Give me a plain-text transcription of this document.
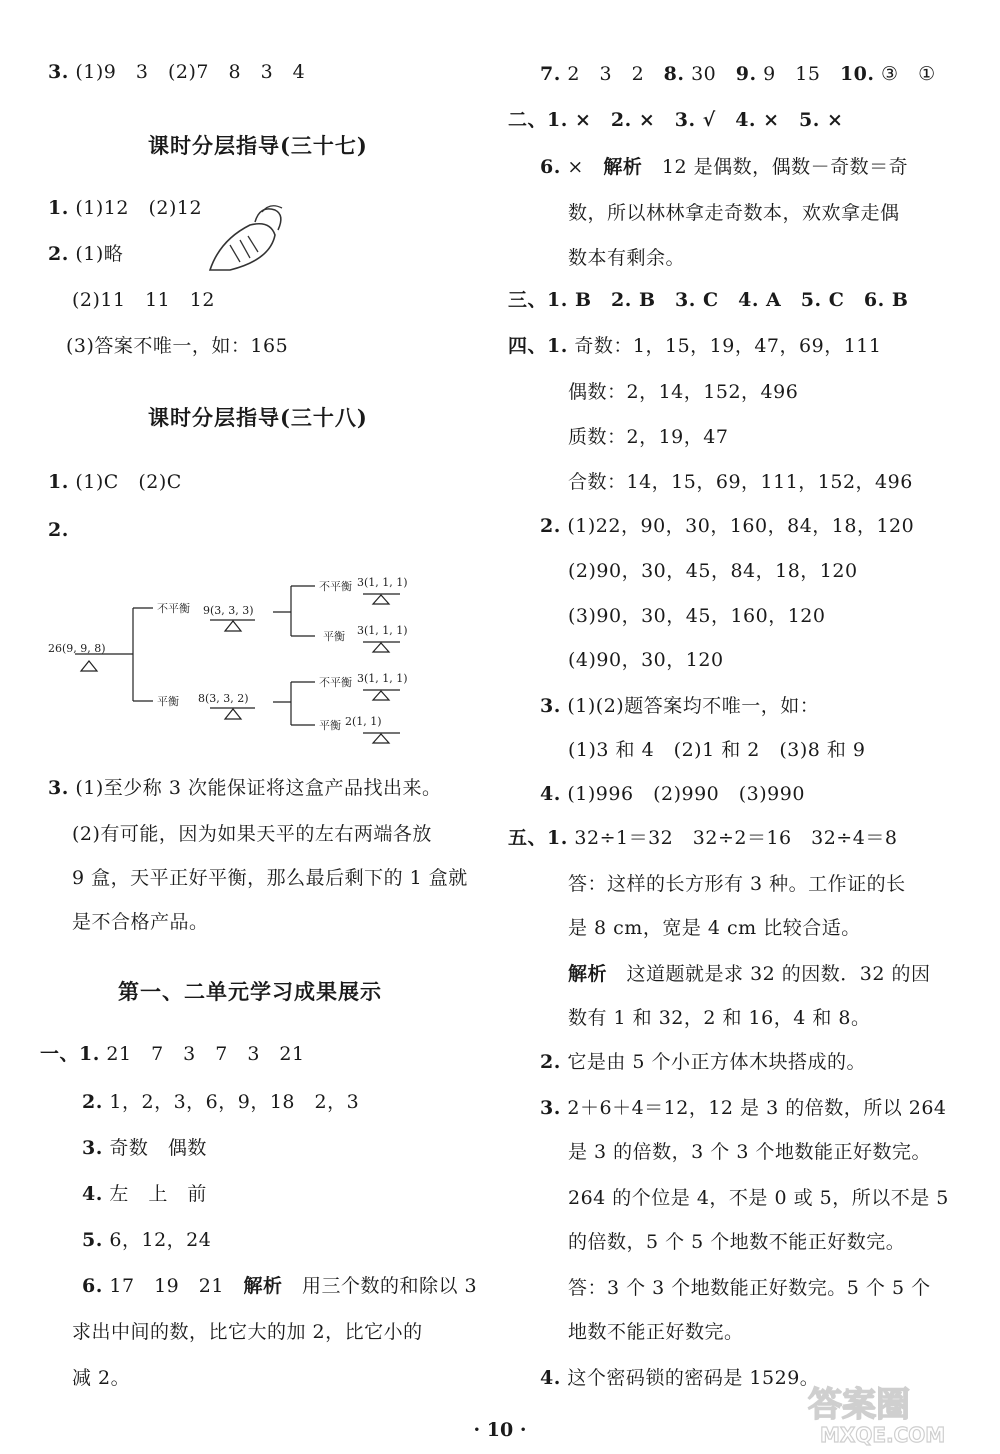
3. (1)9　3　(2)7　8　3　4
课时分层指导(三十七)
1. (1)12　(2)12
2. (1)略
(2)11　11　12
(3)答案不唯一，如：165
课时分层指导(三十八)
1. (1)C　(2)C
2.
26(9, 9, 8)
不平衡 9(3, 3, 3)
平衡 8(3, 3, 2)
不平衡 3(1, 1, 1)
平衡 3(1, 1, 1)
不平衡 3(1, 1, 1)
平衡 2(1, 1)
3. (1)至少称 3 次能保证将这盒产品找出来。
(2)有可能，因为如果天平的左右两端各放
9 盒，天平正好平衡，那么最后剩下的 1 盒就
是不合格产品。
第一、二单元学习成果展示
一、1. 21　7　3　7　3　21
2. 1，2，3，6，9，18　2，3
3. 奇数　偶数
4. 左　上　前
5. 6，12，24
6. 17　19　21　 解析　 用三个数的和除以 3
求出中间的数，比它大的加 2，比它小的
减 2。
7. 2　3　2　 8. 30　 9. 9　15　 10. ③　①
二、1. ×　2. ×　3. √　4. ×　5. ×
6. ×　 解析　 12 是偶数，偶数－奇数＝奇
数，所以林林拿走奇数本，欢欢拿走偶
数本有剩余。
三、1. B　2. B　3. C　4. A　5. C　6. B
四、1. 奇数：1，15，19，47，69，111
偶数：2，14，152，496
质数：2，19，47
合数：14，15，69，111，152，496
2. (1)22，90，30，160，84，18，120
(2)90，30，45，84，18，120
(3)90，30，45，160，120
(4)90，30，120
3. (1)(2)题答案均不唯一，如：
(1)3 和 4　(2)1 和 2　(3)8 和 9
4. (1)996　(2)990　(3)990
五、1. 32÷1＝32　32÷2＝16　32÷4＝8
答：这样的长方形有 3 种。工作证的长
是 8 cm，宽是 4 cm 比较合适。
解析　 这道题就是求 32 的因数．32 的因
数有 1 和 32，2 和 16，4 和 8。
2. 它是由 5 个小正方体木块搭成的。
3. 2＋6＋4＝12，12 是 3 的倍数，所以 264
是 3 的倍数，3 个 3 个地数能正好数完。
264 的个位是 4，不是 0 或 5，所以不是 5
的倍数，5 个 5 个地数不能正好数完。
答：3 个 3 个地数能正好数完。5 个 5 个
地数不能正好数完。
4. 这个密码锁的密码是 1529。
· 10 ·
答案圈
MXQE.COM
